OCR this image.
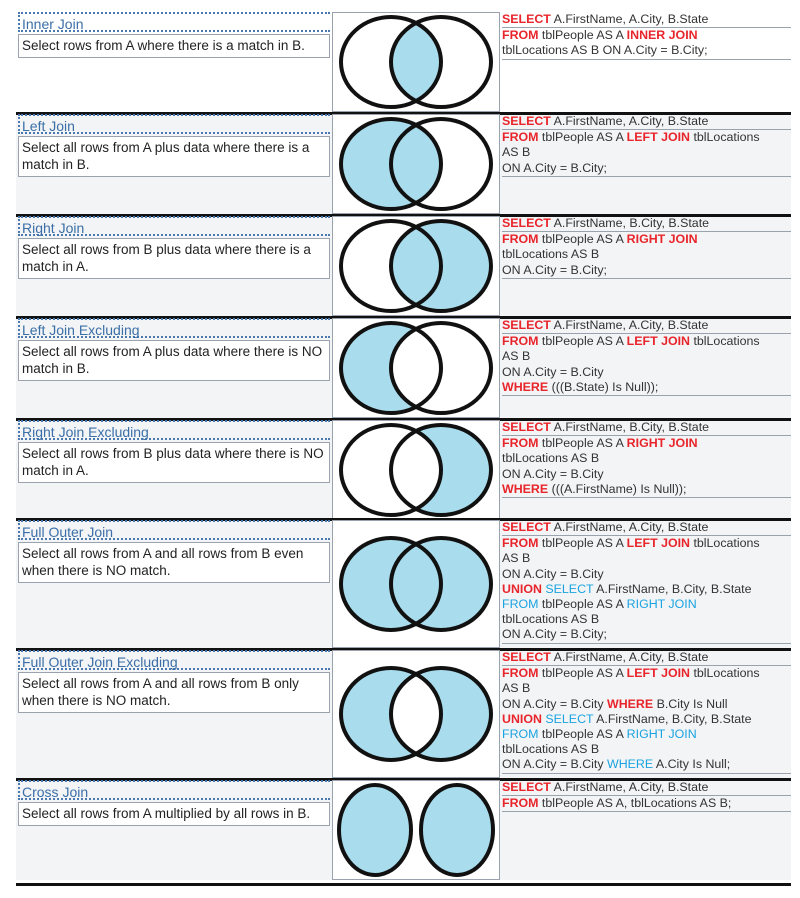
Inner Join
Select rows from A where there is a match in B.
SELECT A.FirstName, A.City, B.State
FROM tblPeople AS A INNER JOIN
tblLocations AS B ON A.City = B.City;
Left Join
Select all rows from A plus data where there is a match in B.
SELECT A.FirstName, A.City, B.State
FROM tblPeople AS A LEFT JOIN tblLocations
AS B
ON A.City = B.City;
Right Join
Select all rows from B plus data where there is a match in A.
SELECT A.FirstName, B.City, B.State
FROM tblPeople AS A RIGHT JOIN
tblLocations AS B
ON A.City = B.City;
Left Join Excluding
Select all rows from A plus data where there is NO match in B.
SELECT A.FirstName, A.City, B.State
FROM tblPeople AS A LEFT JOIN tblLocations
AS B
ON A.City = B.City
WHERE (((B.State) Is Null));
Right Join Excluding
Select all rows from B plus data where there is NO match in A.
SELECT A.FirstName, B.City, B.State
FROM tblPeople AS A RIGHT JOIN
tblLocations AS B
ON A.City = B.City
WHERE (((A.FirstName) Is Null));
Full Outer Join
Select all rows from A and all rows from B even when there is NO match.
SELECT A.FirstName, A.City, B.State
FROM tblPeople AS A LEFT JOIN tblLocations
AS B
ON A.City = B.City
UNION SELECT A.FirstName, B.City, B.State
FROM tblPeople AS A RIGHT JOIN
tblLocations AS B
ON A.City = B.City;
Full Outer Join Excluding
Select all rows from A and all rows from B only when there is NO match.
SELECT A.FirstName, A.City, B.State
FROM tblPeople AS A LEFT JOIN tblLocations
AS B
ON A.City = B.City WHERE B.City Is Null
UNION SELECT A.FirstName, B.City, B.State
FROM tblPeople AS A RIGHT JOIN
tblLocations AS B
ON A.City = B.City WHERE A.City Is Null;
Cross Join
Select all rows from A multiplied by all rows in B.
SELECT A.FirstName, A.City, B.State
FROM tblPeople AS A, tblLocations AS B;
